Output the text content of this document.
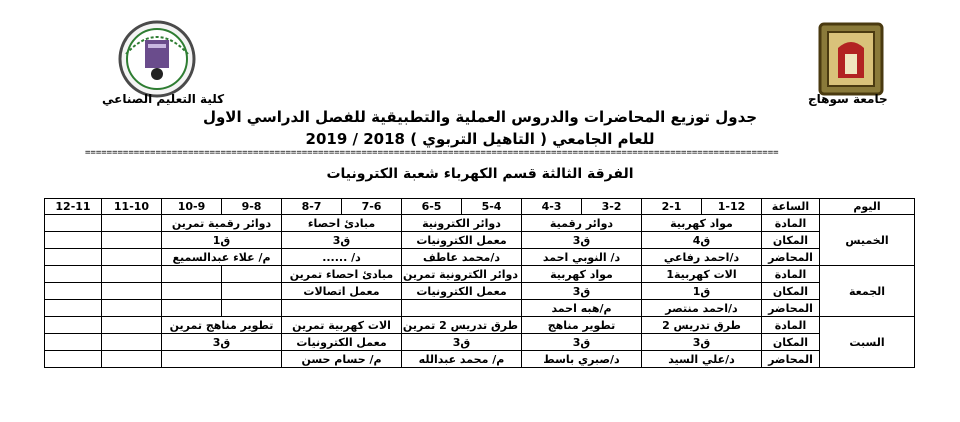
كلية التعليم الصناعي	جامعة سوهاج
جدول توزيع المحاضرات والدروس العملية والتطبيقية للفصل الدراسي الاول
للعام الجامعي ( التاهيل التربوي ) 2018 / 2019
================================================================================================================================
الفرقة الثالثة قسم الكهرباء شعبة الكترونيات
اليوم	الساعة	1-12	2-1	3-2	4-3	5-4	6-5	7-6	8-7	9-8	10-9	11-10	12-11
الخميس	المادة	مواد كهربية		دوائر رقمية		دوائر الكترونية		مبادئ احصاء		دوائر رقمية تمرين			
	المكان	ق4		ق3		معمل الكترونيات		ق3		ق1			
	المحاضر	د/احمد رفاعي		د/ النوبي احمد		د/محمد عاطف		د/ ......		م/ علاء عبدالسميع			
الجمعة	المادة	الات كهربية1		مواد كهربية		دوائر الكترونية تمرين		مبادئ احصاء تمرين					
	المكان	ق1		ق3		معمل الكترونيات		معمل اتصالات					
	المحاضر	د/احمد منتصر		م/هبه احمد									
السبت	المادة	طرق تدريس 2		تطوير مناهج		طرق تدريس 2 تمرين		الات كهربية تمرين		تطوير مناهج تمرين			
	المكان	ق3		ق3		ق3		معمل الكترونيات		ق3			
	المحاضر	د/علي السيد		د/صبري باسط		م/ محمد عبدالله		م/ حسام حسن					
